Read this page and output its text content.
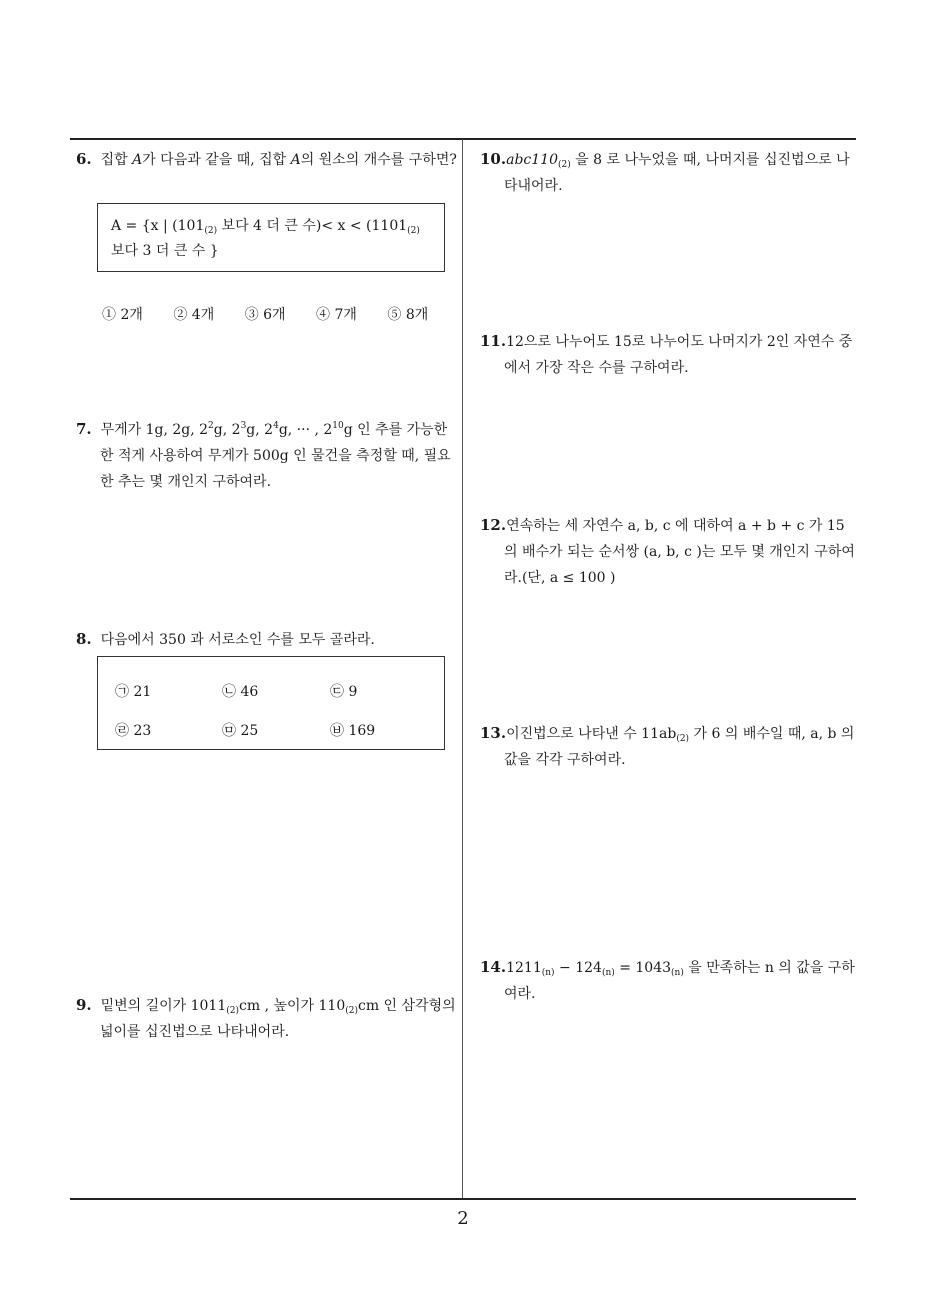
6. 집합 A가 다음과 같을 때, 집합 A의 원소의 개수를 구하면?
A = {x | ($101_{(2)}$ 보다 4 더 큰 수)< $x < (1101_{(2)}$
보다 3 더 큰 수 }
① 2개 ② 4개 ③ 6개 ④ 7개 ⑤ 8개
7. 무게가 1g, 2g, $2^2g$, $2^3g$, $2^4g$, ··· , $2^{10}g$ 인 추를 가능한 한 적게 사용하여 무게가 500g 인 물건을 측정할 때, 필요한 추는 몇 개인지 구하여라.
8. 다음에서 350 과 서로소인 수를 모두 골라라.
㉠ 21	㉡ 46	㉢ 9
㉣ 23	㉤ 25	㉥ 169
9. 밑변의 길이가 $1011_{(2)}cm$ , 높이가 $110_{(2)}cm$ 인 삼각형의 넓이를 십진법으로 나타내어라.
$10.abc110_{(2)}$ 을 8 로 나누었을 때, 나머지를 십진법으로 나타내어라.
11.12으로 나누어도 15로 나누어도 나머지가 2인 자연수 중에서 가장 작은 수를 구하여라.
12.연속하는 세 자연수 a, b, c 에 대하여 a + b + c 가 15 의 배수가 되는 순서쌍 (a, b, c )는 모두 몇 개인지 구하여라.(단, a ≤ 100 )
13.이진법으로 나타낸 수 $11ab_{(2)}$ 가 6 의 배수일 때, a, b 의 값을 각각 구하여라.
$14.1211_{(n)} - 124_{(n)} = 1043_{(n)}$ 을 만족하는 n 의 값을 구하여라.
2
